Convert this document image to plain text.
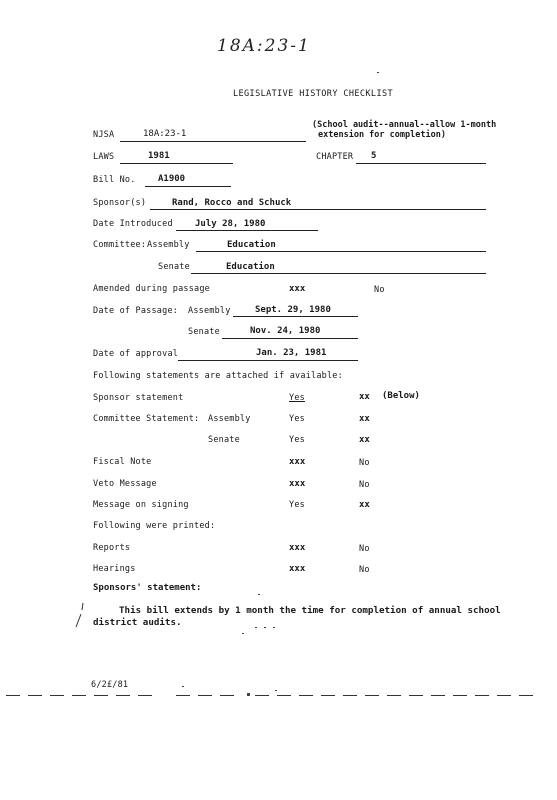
18A:23-1
LEGISLATIVE HISTORY CHECKLIST
NJSA	18A:23-1
(School audit--annual--allow 1-month
extension for completion)
LAWS	1981	CHAPTER 5
Bill No. A1900
Sponsor(s)	Rand, Rocco and Schuck
Date Introduced July 28, 1980
Committee: Assembly	Education
Senate	Education
Amended during passage	xxx	No
Date of Passage: Assembly	Sept. 29, 1980
Senate	Nov. 24, 1980
Date of approval	Jan. 23, 1981
Following statements are attached if available:
Sponsor statement	Yes	xx (Below)
Committee Statement: Assembly	Yes	xx
Senate	Yes	xx
Fiscal Note	xxx	No
Veto Message	xxx	No
Message on signing	Yes	xx
Following were printed:
Reports	xxx	No
Hearings	xxx	No
Sponsors' statement:
This bill extends by 1 month the time for completion of annual school
district audits.
6/2£/81
